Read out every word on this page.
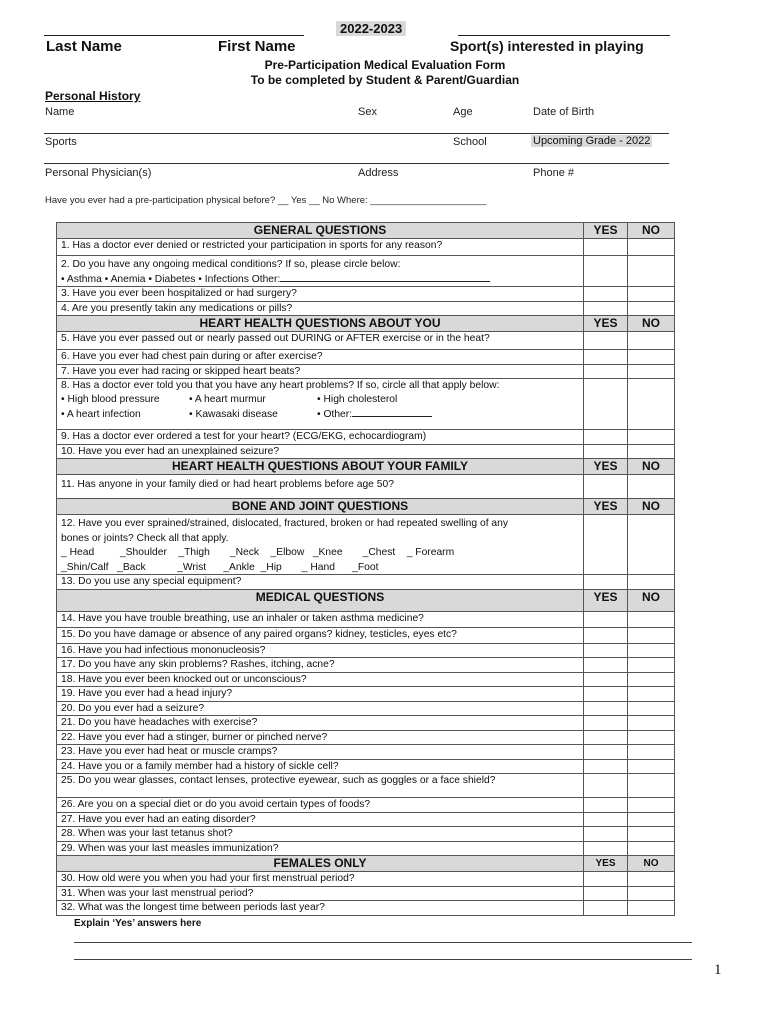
2022-2023
Last Name	First Name	Sport(s) interested in playing
Pre-Participation Medical Evaluation Form
To be completed by Student & Parent/Guardian
Personal History
Name	Sex	Age	Date of Birth
Sports	School	Upcoming Grade - 2022
Personal Physician(s)	Address	Phone #
Have you ever had a pre-participation physical before? __ Yes __ No Where: ______________________
GENERAL QUESTIONS	YES	NO
1. Has a doctor ever denied or restricted your participation in sports for any reason?		

2. Do you have any ongoing medical conditions? If so, please circle below:
• Asthma • Anemia • Diabetes • Infections Other:		

3. Have you ever been hospitalized or had surgery?		
4. Are you presently takin any medications or pills?		
HEART HEALTH QUESTIONS ABOUT YOU	YES	NO
5. Have you ever passed out or nearly passed out DURING or AFTER exercise or in the heat?		
6. Have you ever had chest pain during or after exercise?		
7. Have you ever had racing or skipped heart beats?		

8. Has a doctor ever told you that you have any heart problems? If so, circle all that apply below:
• High blood pressure • A heart murmur • High cholesterol
• A heart infection • Kawasaki disease • Other:		

9. Has a doctor ever ordered a test for your heart? (ECG/EKG, echocardiogram)		
10. Have you ever had an unexplained seizure?		
HEART HEALTH QUESTIONS ABOUT YOUR FAMILY	YES	NO
11. Has anyone in your family died or had heart problems before age 50?		
BONE AND JOINT QUESTIONS	YES	NO

12. Have you ever sprained/strained, dislocated, fractured, broken or had repeated swelling of any
bones or joints? Check all that apply.
_ Head         _Shoulder    _Thigh       _Neck    _Elbow   _Knee       _Chest    _ Forearm
_Shin/Calf   _Back           _Wrist      _Ankle  _Hip       _ Hand      _Foot		

13. Do you use any special equipment?		
MEDICAL QUESTIONS	YES	NO
14. Have you have trouble breathing, use an inhaler or taken asthma medicine?		
15. Do you have damage or absence of any paired organs? kidney, testicles, eyes etc?		
16. Have you had infectious mononucleosis?		
17. Do you have any skin problems? Rashes, itching, acne?		
18. Have you ever been knocked out or unconscious?		
19. Have you ever had a head injury?		
20. Do you ever had a seizure?		
21. Do you have headaches with exercise?		
22. Have you ever had a stinger, burner or pinched nerve?		
23. Have you ever had heat or muscle cramps?		
24. Have you or a family member had a history of sickle cell?		
25. Do you wear glasses, contact lenses, protective eyewear, such as goggles or a face shield?		
26. Are you on a special diet or do you avoid certain types of foods?		
27. Have you ever had an eating disorder?		
28. When was your last tetanus shot?		
29. When was your last measles immunization?		
FEMALES ONLY	YES	NO
30. How old were you when you had your first menstrual period?		
31. When was your last menstrual period?		
32. What was the longest time between periods last year?		
Explain ‘Yes’ answers here
1
